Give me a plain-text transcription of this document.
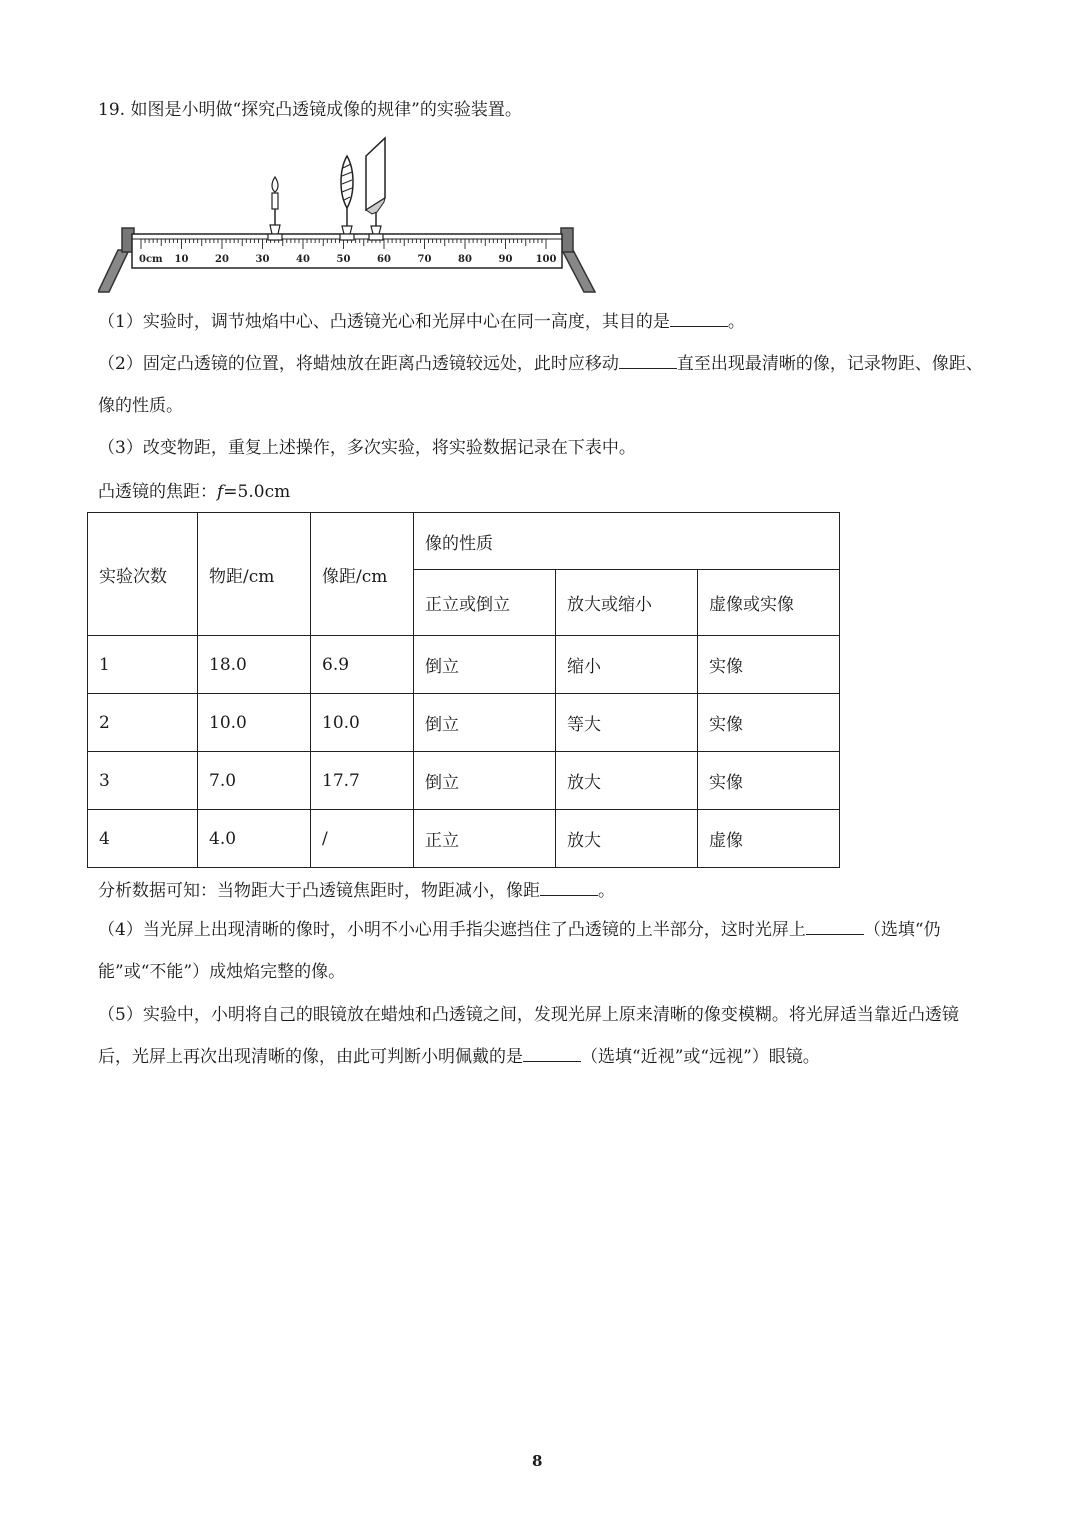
19. 如图是小明做“探究凸透镜成像的规律”的实验装置。
0cm 10	20	30	40	50	60	70	80	90 100
（1）实验时，调节烛焰中心、凸透镜光心和光屏中心在同一高度，其目的是	。
（2）固定凸透镜的位置，将蜡烛放在距离凸透镜较远处，此时应移动	直至出现最清晰的像，记录物距、像距、像的性质。
（3）改变物距，重复上述操作，多次实验，将实验数据记录在下表中。
凸透镜的焦距：f=5.0cm
实验次数	物距/cm	像距/cm	像的性质		
			正立或倒立	放大或缩小	虚像或实像
1	18.0	6.9	倒立	缩小	实像
2	10.0	10.0	倒立	等大	实像
3	7.0	17.7	倒立	放大	实像
4	4.0	/	正立	放大	虚像
分析数据可知：当物距大于凸透镜焦距时，物距减小，像距	。
（4）当光屏上出现清晰的像时，小明不小心用手指尖遮挡住了凸透镜的上半部分，这时光屏上	（选填“仍能”或“不能”）成烛焰完整的像。
（5）实验中，小明将自己的眼镜放在蜡烛和凸透镜之间，发现光屏上原来清晰的像变模糊。将光屏适当靠近凸透镜后，光屏上再次出现清晰的像，由此可判断小明佩戴的是	（选填“近视”或“远视”）眼镜。
8
